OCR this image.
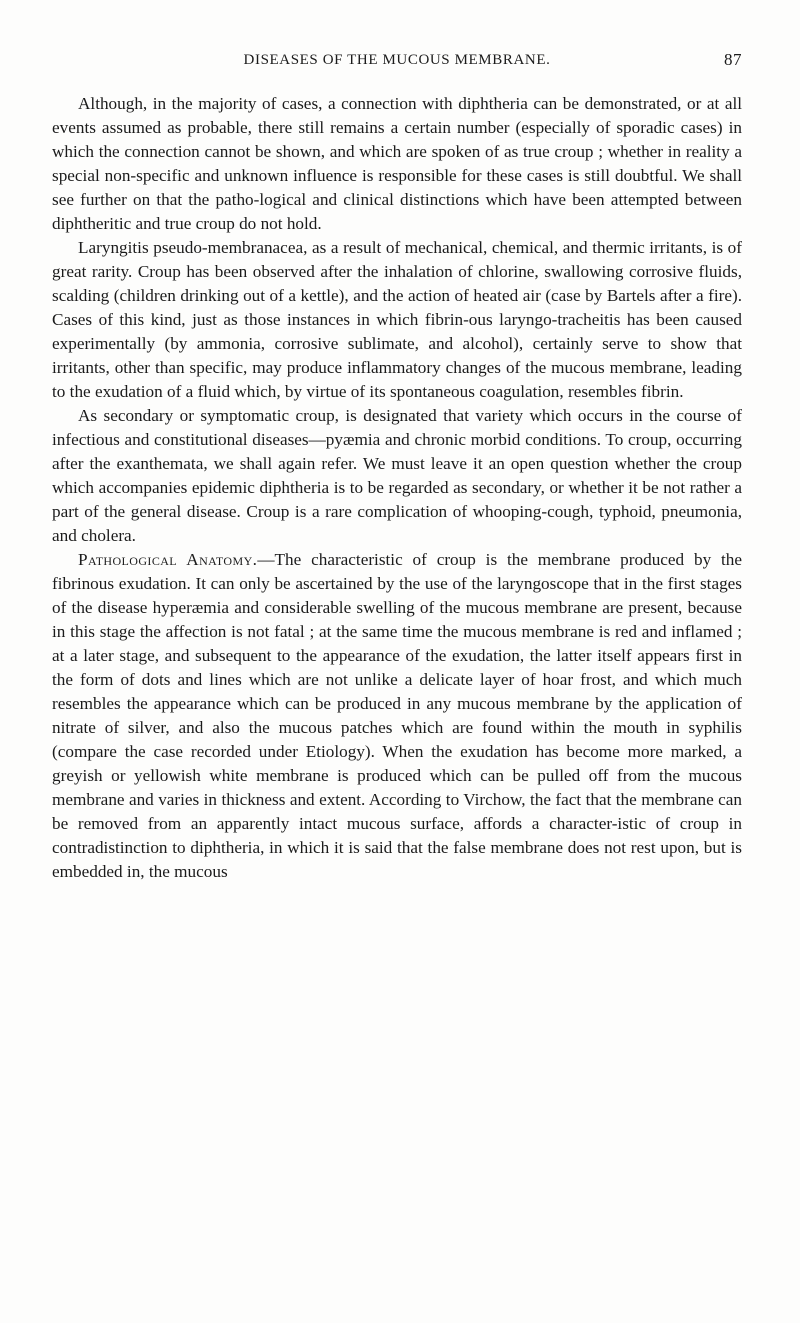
DISEASES OF THE MUCOUS MEMBRANE.	87

Although, in the majority of cases, a connection with diphtheria can be demonstrated, or at all events assumed as probable, there still remains a certain number (especially of sporadic cases) in which the connection cannot be shown, and which are spoken of as true croup ; whether in reality a special non-specific and unknown influence is responsible for these cases is still doubtful. We shall see further on that the patho-logical and clinical distinctions which have been attempted between diphtheritic and true croup do not hold.

Laryngitis pseudo-membranacea, as a result of mechanical, chemical, and thermic irritants, is of great rarity. Croup has been observed after the inhalation of chlorine, swallowing corrosive fluids, scalding (children drinking out of a kettle), and the action of heated air (case by Bartels after a fire). Cases of this kind, just as those instances in which fibrin-ous laryngo-tracheitis has been caused experimentally (by ammonia, corrosive sublimate, and alcohol), certainly serve to show that irritants, other than specific, may produce inflammatory changes of the mucous membrane, leading to the exudation of a fluid which, by virtue of its spontaneous coagulation, resembles fibrin.

As secondary or symptomatic croup, is designated that variety which occurs in the course of infectious and constitutional diseases—pyæmia and chronic morbid conditions. To croup, occurring after the exanthemata, we shall again refer. We must leave it an open question whether the croup which accompanies epidemic diphtheria is to be regarded as secondary, or whether it be not rather a part of the general disease. Croup is a rare complication of whooping-cough, typhoid, pneumonia, and cholera.

Pathological Anatomy.—The characteristic of croup is the membrane produced by the fibrinous exudation. It can only be ascertained by the use of the laryngoscope that in the first stages of the disease hyperæmia and considerable swelling of the mucous membrane are present, because in this stage the affection is not fatal ; at the same time the mucous membrane is red and inflamed ; at a later stage, and subsequent to the appearance of the exudation, the latter itself appears first in the form of dots and lines which are not unlike a delicate layer of hoar frost, and which much resembles the appearance which can be produced in any mucous membrane by the application of nitrate of silver, and also the mucous patches which are found within the mouth in syphilis (compare the case recorded under Etiology). When the exudation has become more marked, a greyish or yellowish white membrane is produced which can be pulled off from the mucous membrane and varies in thickness and extent. According to Virchow, the fact that the membrane can be removed from an apparently intact mucous surface, affords a character-istic of croup in contradistinction to diphtheria, in which it is said that the false membrane does not rest upon, but is embedded in, the mucous
